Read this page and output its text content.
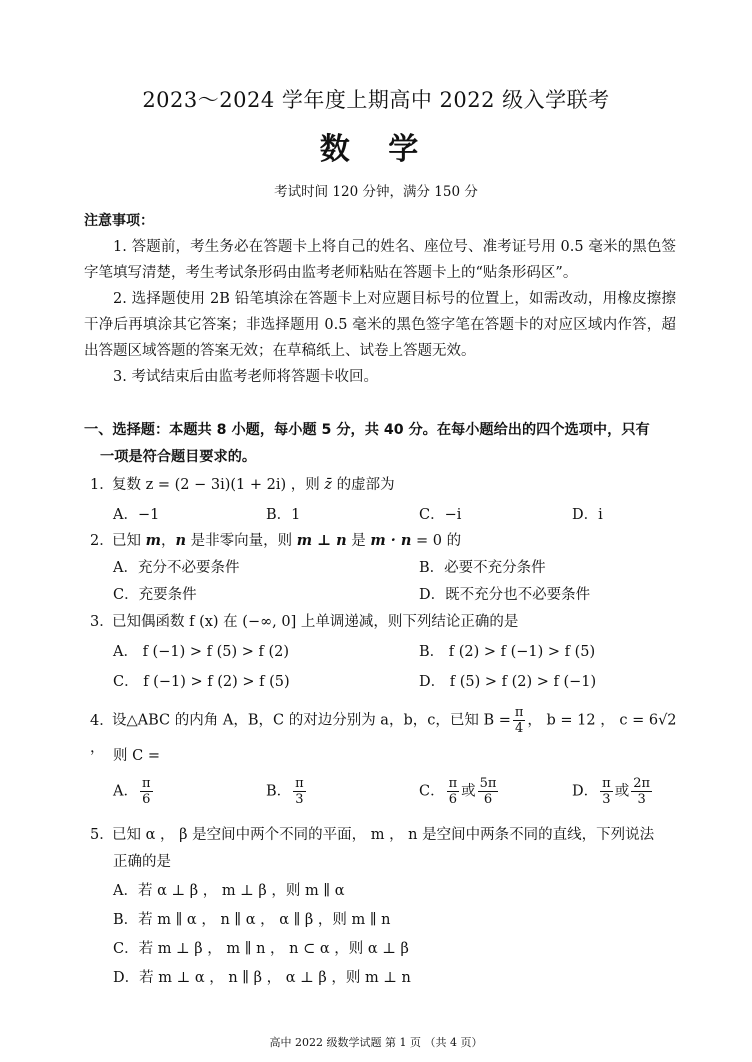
2023～2024 学年度上期高中 2022 级入学联考
数 学
考试时间 120 分钟，满分 150 分
注意事项：

1. 答题前，考生务必在答题卡上将自己的姓名、座位号、准考证号用 0.5 毫米的黑色签字笔填写清楚，考生考试条形码由监考老师粘贴在答题卡上的“贴条形码区”。

2. 选择题使用 2B 铅笔填涂在答题卡上对应题目标号的位置上，如需改动，用橡皮擦擦干净后再填涂其它答案；非选择题用 0.5 毫米的黑色签字笔在答题卡的对应区域内作答，超出答题区域答题的答案无效；在草稿纸上、试卷上答题无效。

3. 考试结束后由监考老师将答题卡收回。

一、选择题：本题共 8 小题，每小题 5 分，共 40 分。在每小题给出的四个选项中，只有
一项是符合题目要求的。
1．复数 z = (2 − 3i)(1 + 2i) ，则 z̄ 的虚部为
A．−1	B．1	C．−i	D．i
2．已知 m，n 是非零向量，则 m ⊥ n 是 m · n = 0 的
A．充分不必要条件	B．必要不充分条件
C．充要条件	D．既不充分也不必要条件
3．已知偶函数 f (x) 在 (−∞, 0] 上单调递减，则下列结论正确的是
A． f (−1) > f (5) > f (2)	B． f (2) > f (−1) > f (5)
C． f (−1) > f (2) > f (5)	D． f (5) > f (2) > f (−1)
4．设△ABC 的内角 A，B，C 的对边分别为 a，b，c，已知 $B = \frac{\pi}{4}$ ， b = 12 ， c = 6√2 ， 则 C =
A． $\frac{\pi}{6}$	B． $\frac{\pi}{3}$	C． $\frac{\pi}{6}$ 或 $\frac{5\pi}{6}$	D． $\frac{\pi}{3}$ 或 $\frac{2\pi}{3}$
5．已知 α ， β 是空间中两个不同的平面， m ， n 是空间中两条不同的直线，下列说法
正确的是
A．若 α ⊥ β ， m ⊥ β ，则 m ∥ α
B．若 m ∥ α ， n ∥ α ， α ∥ β ，则 m ∥ n
C．若 m ⊥ β ， m ∥ n ， n ⊂ α ，则 α ⊥ β
D．若 m ⊥ α ， n ∥ β ， α ⊥ β ，则 m ⊥ n
高中 2022 级数学试题 第 1 页 （共 4 页）
